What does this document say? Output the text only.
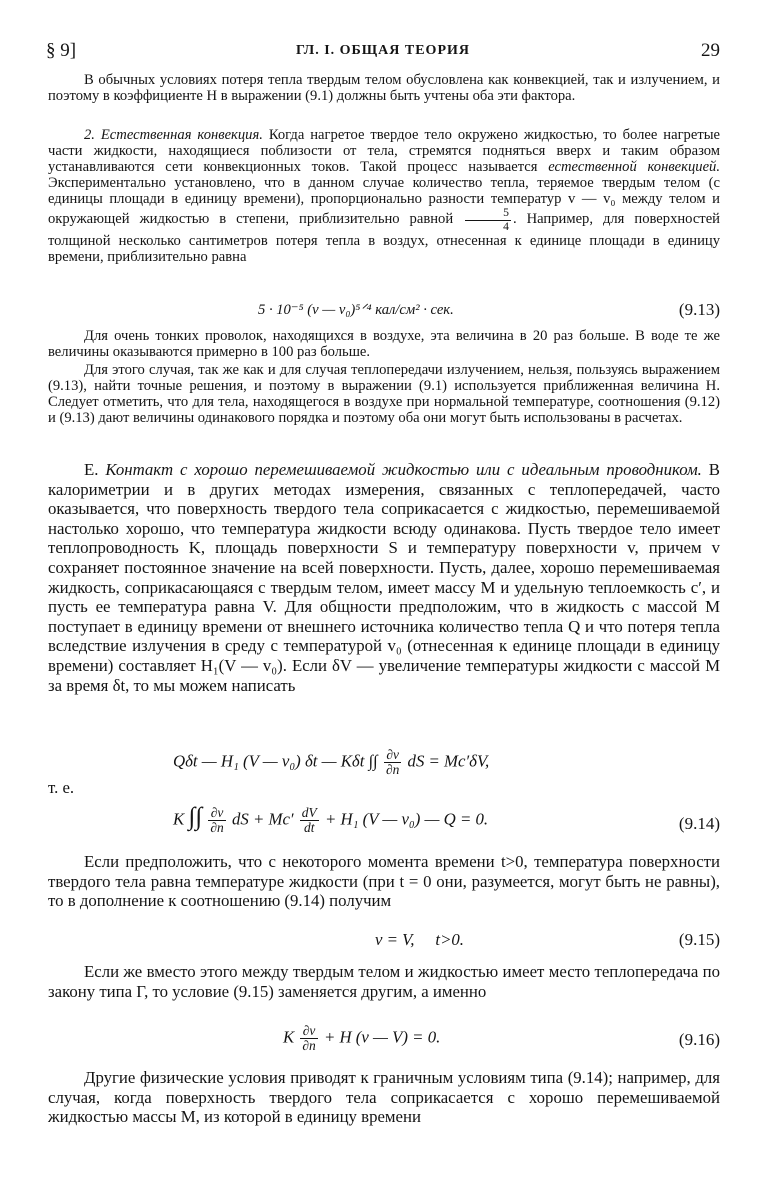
§ 9]	ГЛ. I. ОБЩАЯ ТЕОРИЯ	29

В обычных условиях потеря тепла твердым телом обусловлена как конвекцией, так и излучением, и поэтому в коэффициенте H в выражении (9.1) должны быть учтены оба эти фактора.

2. Естественная конвекция. Когда нагретое твердое тело окружено жидкостью, то более нагретые части жидкости, находящиеся поблизости от тела, стремятся подняться вверх и таким образом устанавливаются сети конвекционных токов. Такой процесс называется естественной конвекцией. Экспериментально установлено, что в данном случае количество тепла, теряемое твердым телом (с единицы площади в единицу времени), пропорционально разности температур v — v₀ между телом и окружающей жидкостью в степени, приблизительно равной $\frac{5}{4}$ . Например, для поверхностей толщиной несколько сантиметров потеря тепла в воздух, отнесенная к единице площади в единицу времени, приблизительно равна

5 · 10⁻⁵ (v — v₀)⁵ᐟ⁴ кал/см² · сек.	(9.13)

Для очень тонких проволок, находящихся в воздухе, эта величина в 20 раз больше. В воде те же величины оказываются примерно в 100 раз больше.

Для этого случая, так же как и для случая теплопередачи излучением, нельзя, пользуясь выражением (9.13), найти точные решения, и поэтому в выражении (9.1) используется приближенная величина H. Следует отметить, что для тела, находящегося в воздухе при нормальной температуре, соотношения (9.12) и (9.13) дают величины одинакового порядка и поэтому оба они могут быть использованы в расчетах.

Е. Контакт с хорошо перемешиваемой жидкостью или с идеальным проводником. В калориметрии и в других методах измерения, связанных с теплопередачей, часто оказывается, что поверхность твердого тела соприкасается с жидкостью, перемешиваемой настолько хорошо, что температура жидкости всюду одинакова. Пусть твердое тело имеет теплопроводность K, площадь поверхности S и температуру поверхности v, причем v сохраняет постоянное значение на всей поверхности. Пусть, далее, хорошо перемешиваемая жидкость, соприкасающаяся с твердым телом, имеет массу M и удельную теплоемкость c′, и пусть ее температура равна V. Для общности предположим, что в жидкость с массой M поступает в единицу времени от внешнего источника количество тепла Q и что потеря тепла вследствие излучения в среду с температурой v₀ (отнесенная к единице площади в единицу времени) составляет H₁(V — v₀). Если δV — увеличение температуры жидкости с массой M за время δt, то мы можем написать

Qδt — H₁ (V — v₀) δt — Kδt ∫∫ $\frac{\partial v}{\partial n}$ dS = Mc′δV,
т. е.
K ∫∫ $\frac{\partial v}{\partial n}$ dS + $Mc' \frac{dV}{dt} + H_1$ (V — v₀) — Q = 0.	(9.14)

Если предположить, что с некоторого момента времени t>0, температура поверхности твердого тела равна температуре жидкости (при t = 0 они, разумеется, могут быть не равны), то в дополнение к соотношению (9.14) получим

v = V,     t>0.	(9.15)

Если же вместо этого между твердым телом и жидкостью имеет место теплопередача по закону типа Г, то условие (9.15) заменяется другим, а именно

K $\frac{\partial v}{\partial n} + H$ (v — V) = 0.	(9.16)

Другие физические условия приводят к граничным условиям типа (9.14); например, для случая, когда поверхность твердого тела соприкасается с хорошо перемешиваемой жидкостью массы M, из которой в единицу времени
